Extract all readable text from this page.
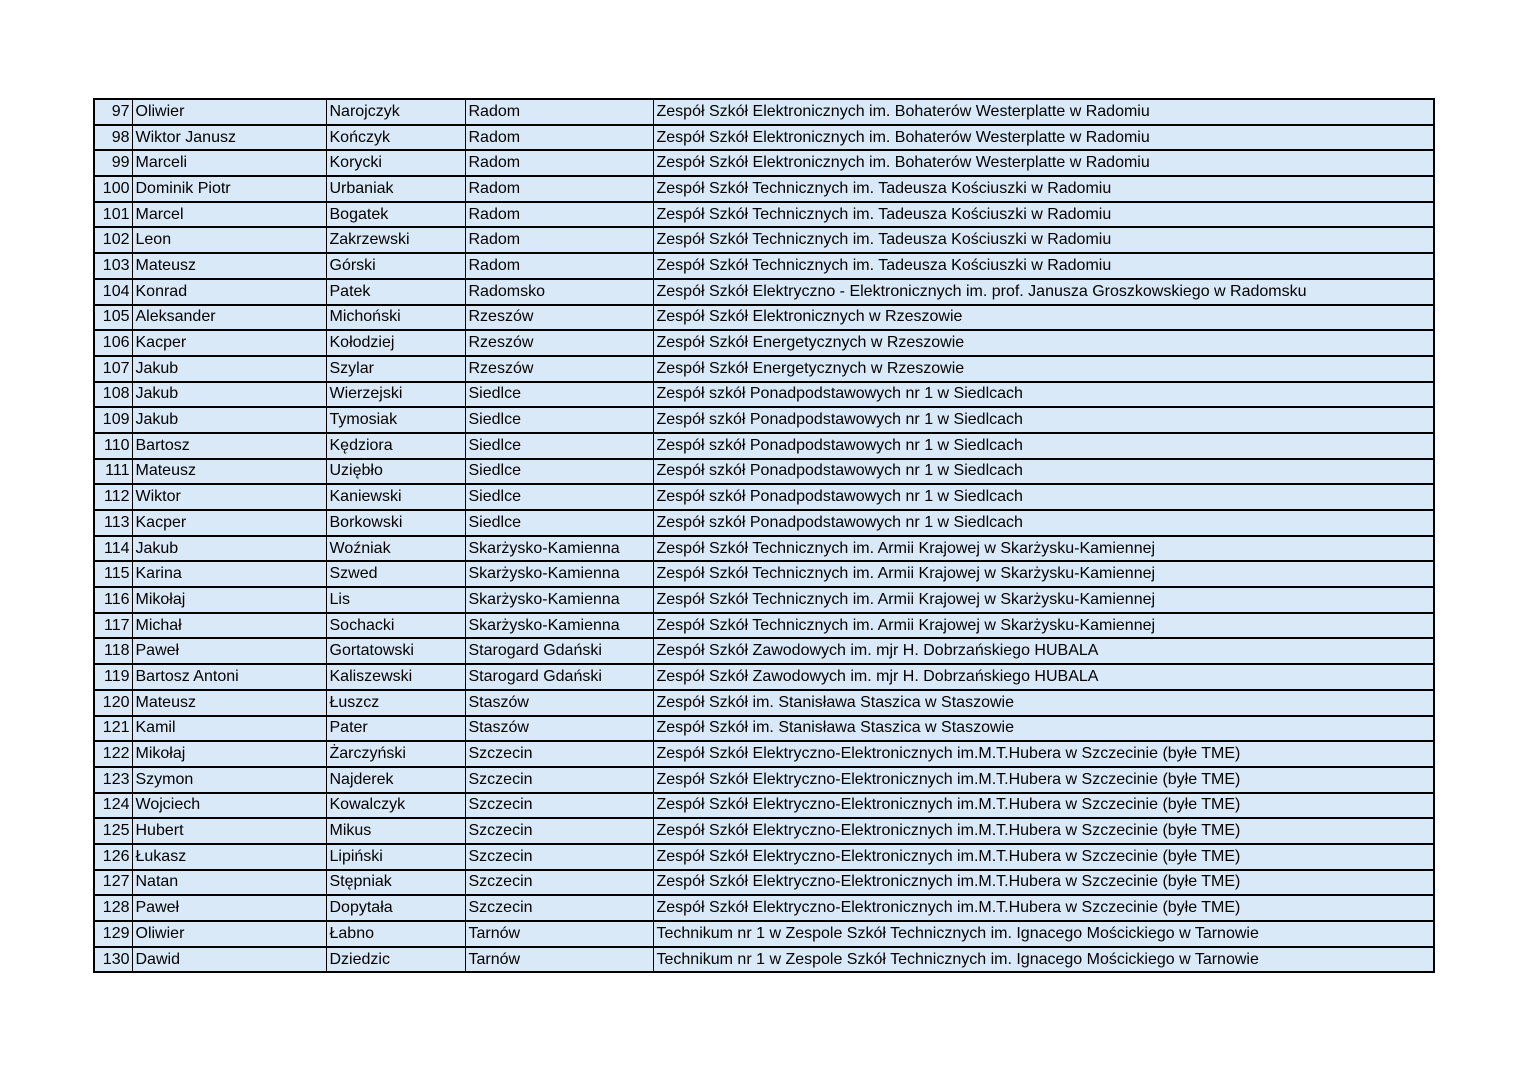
97	Oliwier	Narojczyk	Radom	Zespół Szkół Elektronicznych im. Bohaterów Westerplatte w Radomiu
98	Wiktor Janusz	Kończyk	Radom	Zespół Szkół Elektronicznych im. Bohaterów Westerplatte w Radomiu
99	Marceli	Korycki	Radom	Zespół Szkół Elektronicznych im. Bohaterów Westerplatte w Radomiu
100	Dominik Piotr	Urbaniak	Radom	Zespół Szkół Technicznych im. Tadeusza Kościuszki w Radomiu
101	Marcel	Bogatek	Radom	Zespół Szkół Technicznych im. Tadeusza Kościuszki w Radomiu
102	Leon	Zakrzewski	Radom	Zespół Szkół Technicznych im. Tadeusza Kościuszki w Radomiu
103	Mateusz	Górski	Radom	Zespół Szkół Technicznych im. Tadeusza Kościuszki w Radomiu
104	Konrad	Patek	Radomsko	Zespół Szkół Elektryczno - Elektronicznych im. prof. Janusza Groszkowskiego w Radomsku
105	Aleksander	Michoński	Rzeszów	Zespół Szkół Elektronicznych w Rzeszowie
106	Kacper	Kołodziej	Rzeszów	Zespół Szkół Energetycznych w Rzeszowie
107	Jakub	Szylar	Rzeszów	Zespół Szkół Energetycznych w Rzeszowie
108	Jakub	Wierzejski	Siedlce	Zespół szkół Ponadpodstawowych nr 1 w Siedlcach
109	Jakub	Tymosiak	Siedlce	Zespół szkół Ponadpodstawowych nr 1 w Siedlcach
110	Bartosz	Kędziora	Siedlce	Zespół szkół Ponadpodstawowych nr 1 w Siedlcach
111	Mateusz	Uziębło	Siedlce	Zespół szkół Ponadpodstawowych nr 1 w Siedlcach
112	Wiktor	Kaniewski	Siedlce	Zespół szkół Ponadpodstawowych nr 1 w Siedlcach
113	Kacper	Borkowski	Siedlce	Zespół szkół Ponadpodstawowych nr 1 w Siedlcach
114	Jakub	Woźniak	Skarżysko-Kamienna	Zespół Szkół Technicznych im. Armii Krajowej w Skarżysku-Kamiennej
115	Karina	Szwed	Skarżysko-Kamienna	Zespół Szkół Technicznych im. Armii Krajowej w Skarżysku-Kamiennej
116	Mikołaj	Lis	Skarżysko-Kamienna	Zespół Szkół Technicznych im. Armii Krajowej w Skarżysku-Kamiennej
117	Michał	Sochacki	Skarżysko-Kamienna	Zespół Szkół Technicznych im. Armii Krajowej w Skarżysku-Kamiennej
118	Paweł	Gortatowski	Starogard Gdański	Zespół Szkół Zawodowych im. mjr H. Dobrzańskiego HUBALA
119	Bartosz Antoni	Kaliszewski	Starogard Gdański	Zespół Szkół Zawodowych im. mjr H. Dobrzańskiego HUBALA
120	Mateusz	Łuszcz	Staszów	Zespół Szkół im. Stanisława Staszica w Staszowie
121	Kamil	Pater	Staszów	Zespół Szkół im. Stanisława Staszica w Staszowie
122	Mikołaj	Żarczyński	Szczecin	Zespół Szkół Elektryczno-Elektronicznych im.M.T.Hubera w Szczecinie (byłe TME)
123	Szymon	Najderek	Szczecin	Zespół Szkół Elektryczno-Elektronicznych im.M.T.Hubera w Szczecinie (byłe TME)
124	Wojciech	Kowalczyk	Szczecin	Zespół Szkół Elektryczno-Elektronicznych im.M.T.Hubera w Szczecinie (byłe TME)
125	Hubert	Mikus	Szczecin	Zespół Szkół Elektryczno-Elektronicznych im.M.T.Hubera w Szczecinie (byłe TME)
126	Łukasz	Lipiński	Szczecin	Zespół Szkół Elektryczno-Elektronicznych im.M.T.Hubera w Szczecinie (byłe TME)
127	Natan	Stępniak	Szczecin	Zespół Szkół Elektryczno-Elektronicznych im.M.T.Hubera w Szczecinie (byłe TME)
128	Paweł	Dopytała	Szczecin	Zespół Szkół Elektryczno-Elektronicznych im.M.T.Hubera w Szczecinie (byłe TME)
129	Oliwier	Łabno	Tarnów	Technikum nr 1 w Zespole Szkół Technicznych im. Ignacego Mościckiego w Tarnowie
130	Dawid	Dziedzic	Tarnów	Technikum nr 1 w Zespole Szkół Technicznych im. Ignacego Mościckiego w Tarnowie
